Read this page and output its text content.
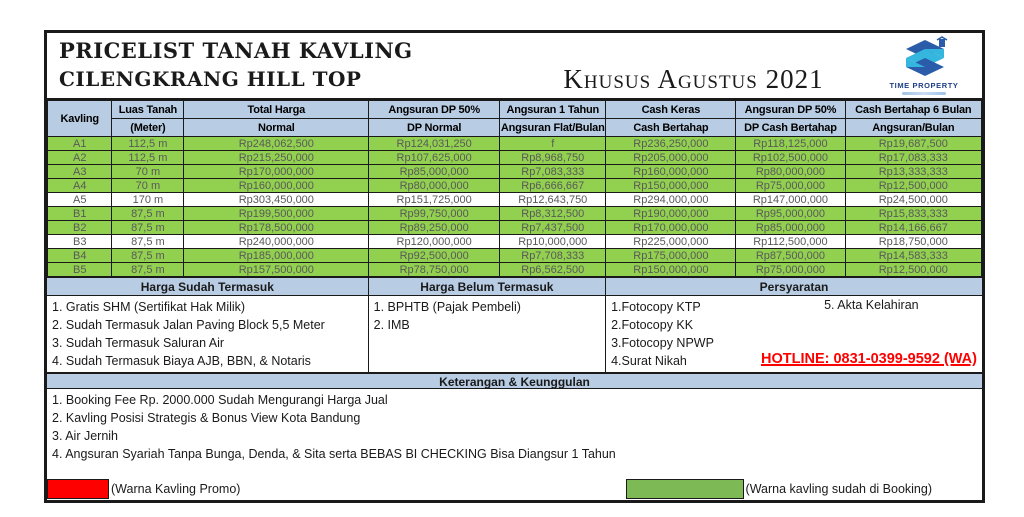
PRICELIST TANAH KAVLING
CILENGKRANG HILL TOP	Khusus Agustus 2021	TIME PROPERTY
Kavling	Luas Tanah	Total Harga	Angsuran DP 50%	Angsuran 1 Tahun	Cash Keras	Angsuran DP 50%	Cash Bertahap 6 Bulan
	(Meter)	Normal	DP Normal	Angsuran Flat/Bulan	Cash Bertahap	DP Cash Bertahap	Angsuran/Bulan
A1	112,5 m	Rp248,062,500	Rp124,031,250	f	Rp236,250,000	Rp118,125,000	Rp19,687,500
A2	112,5 m	Rp215,250,000	Rp107,625,000	Rp8,968,750	Rp205,000,000	Rp102,500,000	Rp17,083,333
A3	70 m	Rp170,000,000	Rp85,000,000	Rp7,083,333	Rp160,000,000	Rp80,000,000	Rp13,333,333
A4	70 m	Rp160,000,000	Rp80,000,000	Rp6,666,667	Rp150,000,000	Rp75,000,000	Rp12,500,000
A5	170 m	Rp303,450,000	Rp151,725,000	Rp12,643,750	Rp294,000,000	Rp147,000,000	Rp24,500,000
B1	87,5 m	Rp199,500,000	Rp99,750,000	Rp8,312,500	Rp190,000,000	Rp95,000,000	Rp15,833,333
B2	87,5 m	Rp178,500,000	Rp89,250,000	Rp7,437,500	Rp170,000,000	Rp85,000,000	Rp14,166,667
B3	87,5 m	Rp240,000,000	Rp120,000,000	Rp10,000,000	Rp225,000,000	Rp112,500,000	Rp18,750,000
B4	87,5 m	Rp185,000,000	Rp92,500,000	Rp7,708,333	Rp175,000,000	Rp87,500,000	Rp14,583,333
B5	87,5 m	Rp157,500,000	Rp78,750,000	Rp6,562,500	Rp150,000,000	Rp75,000,000	Rp12,500,000
Harga Sudah Termasuk	Harga Belum Termasuk	Persyaratan
1. Gratis SHM (Sertifikat Hak Milik)
2. Sudah Termasuk Jalan Paving Block 5,5 Meter
3. Sudah Termasuk Saluran Air
4. Sudah Termasuk Biaya AJB, BBN, & Notaris
1. BPHTB (Pajak Pembeli)
2. IMB
1.Fotocopy KTP
2.Fotocopy KK
3.Fotocopy NPWP
4.Surat Nikah
5. Akta Kelahiran
HOTLINE: 0831-0399-9592 (WA)
Keterangan & Keunggulan
1. Booking Fee Rp. 2000.000 Sudah Mengurangi Harga Jual
2. Kavling Posisi Strategis & Bonus View Kota Bandung
3. Air Jernih
4. Angsuran Syariah Tanpa Bunga, Denda, & Sita serta BEBAS BI CHECKING Bisa Diangsur 1 Tahun
(Warna Kavling Promo)	(Warna kavling sudah di Booking)
